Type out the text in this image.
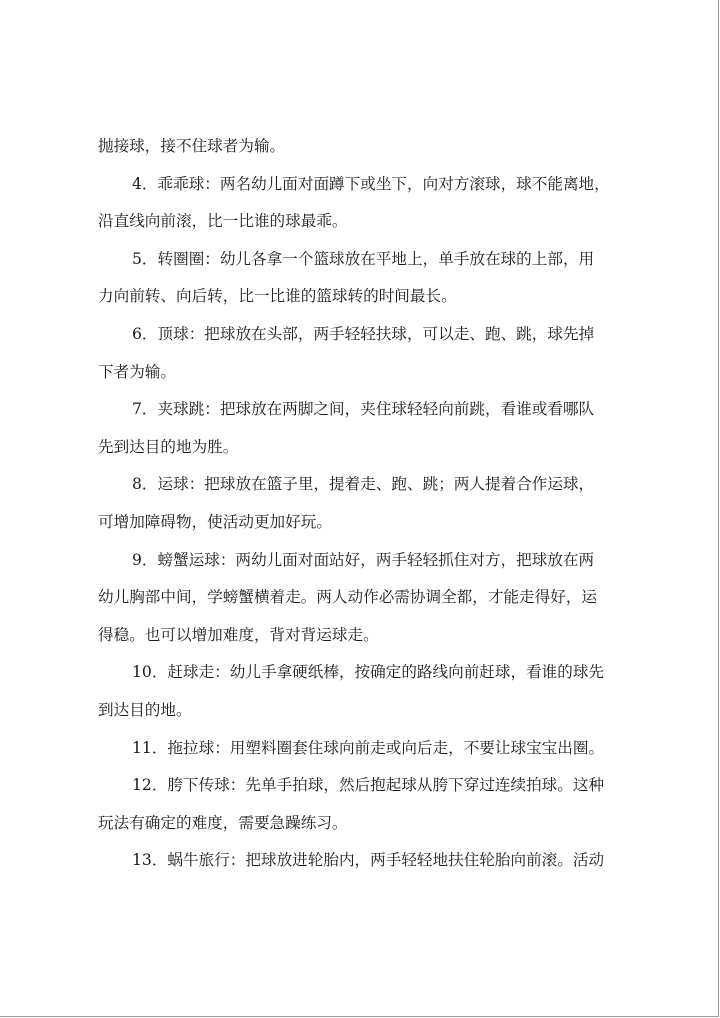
抛接球，接不住球者为输。
4．乖乖球：两名幼儿面对面蹲下或坐下，向对方滚球，球不能离地，
沿直线向前滚，比一比谁的球最乖。
5．转圈圈：幼儿各拿一个篮球放在平地上，单手放在球的上部，用
力向前转、向后转，比一比谁的篮球转的时间最长。
6．顶球：把球放在头部，两手轻轻扶球，可以走、跑、跳，球先掉
下者为输。
7．夹球跳：把球放在两脚之间，夹住球轻轻向前跳，看谁或看哪队
先到达目的地为胜。
8．运球：把球放在篮子里，提着走、跑、跳；两人提着合作运球，
可增加障碍物，使活动更加好玩。
9．螃蟹运球：两幼儿面对面站好，两手轻轻抓住对方，把球放在两
幼儿胸部中间，学螃蟹横着走。两人动作必需协调全都，才能走得好，运
得稳。也可以增加难度，背对背运球走。
10．赶球走：幼儿手拿硬纸棒，按确定的路线向前赶球，看谁的球先
到达目的地。
11．拖拉球：用塑料圈套住球向前走或向后走，不要让球宝宝出圈。
12．胯下传球：先单手拍球，然后抱起球从胯下穿过连续拍球。这种
玩法有确定的难度，需要急躁练习。
13．蜗牛旅行：把球放进轮胎内，两手轻轻地扶住轮胎向前滚。活动
